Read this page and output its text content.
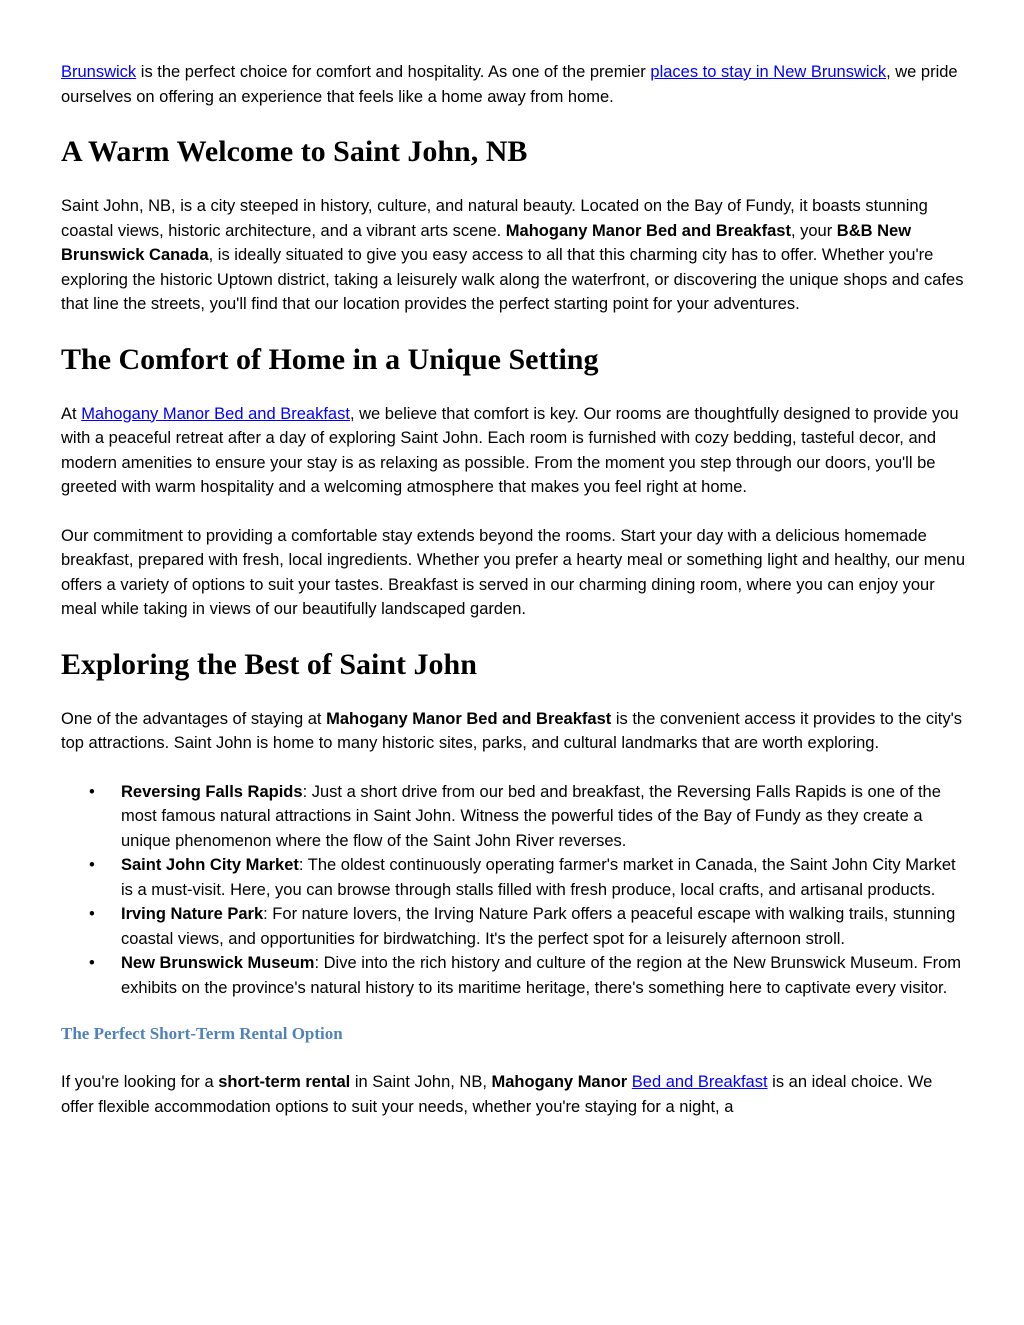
Brunswick is the perfect choice for comfort and hospitality. As one of the premier places to stay in New Brunswick, we pride ourselves on offering an experience that feels like a home away from home.

A Warm Welcome to Saint John, NB

Saint John, NB, is a city steeped in history, culture, and natural beauty. Located on the Bay of Fundy, it boasts stunning coastal views, historic architecture, and a vibrant arts scene. Mahogany Manor Bed and Breakfast, your B&B New Brunswick Canada, is ideally situated to give you easy access to all that this charming city has to offer. Whether you're exploring the historic Uptown district, taking a leisurely walk along the waterfront, or discovering the unique shops and cafes that line the streets, you'll find that our location provides the perfect starting point for your adventures.

The Comfort of Home in a Unique Setting

At Mahogany Manor Bed and Breakfast, we believe that comfort is key. Our rooms are thoughtfully designed to provide you with a peaceful retreat after a day of exploring Saint John. Each room is furnished with cozy bedding, tasteful decor, and modern amenities to ensure your stay is as relaxing as possible. From the moment you step through our doors, you'll be greeted with warm hospitality and a welcoming atmosphere that makes you feel right at home.

Our commitment to providing a comfortable stay extends beyond the rooms. Start your day with a delicious homemade breakfast, prepared with fresh, local ingredients. Whether you prefer a hearty meal or something light and healthy, our menu offers a variety of options to suit your tastes. Breakfast is served in our charming dining room, where you can enjoy your meal while taking in views of our beautifully landscaped garden.

Exploring the Best of Saint John

One of the advantages of staying at Mahogany Manor Bed and Breakfast is the convenient access it provides to the city's top attractions. Saint John is home to many historic sites, parks, and cultural landmarks that are worth exploring.

• Reversing Falls Rapids: Just a short drive from our bed and breakfast, the Reversing Falls Rapids is one of the most famous natural attractions in Saint John. Witness the powerful tides of the Bay of Fundy as they create a unique phenomenon where the flow of the Saint John River reverses.
• Saint John City Market: The oldest continuously operating farmer's market in Canada, the Saint John City Market is a must-visit. Here, you can browse through stalls filled with fresh produce, local crafts, and artisanal products.
• Irving Nature Park: For nature lovers, the Irving Nature Park offers a peaceful escape with walking trails, stunning coastal views, and opportunities for birdwatching. It's the perfect spot for a leisurely afternoon stroll.
• New Brunswick Museum: Dive into the rich history and culture of the region at the New Brunswick Museum. From exhibits on the province's natural history to its maritime heritage, there's something here to captivate every visitor.
The Perfect Short-Term Rental Option

If you're looking for a short-term rental in Saint John, NB, Mahogany Manor Bed and Breakfast is an ideal choice. We offer flexible accommodation options to suit your needs, whether you're staying for a night, a
